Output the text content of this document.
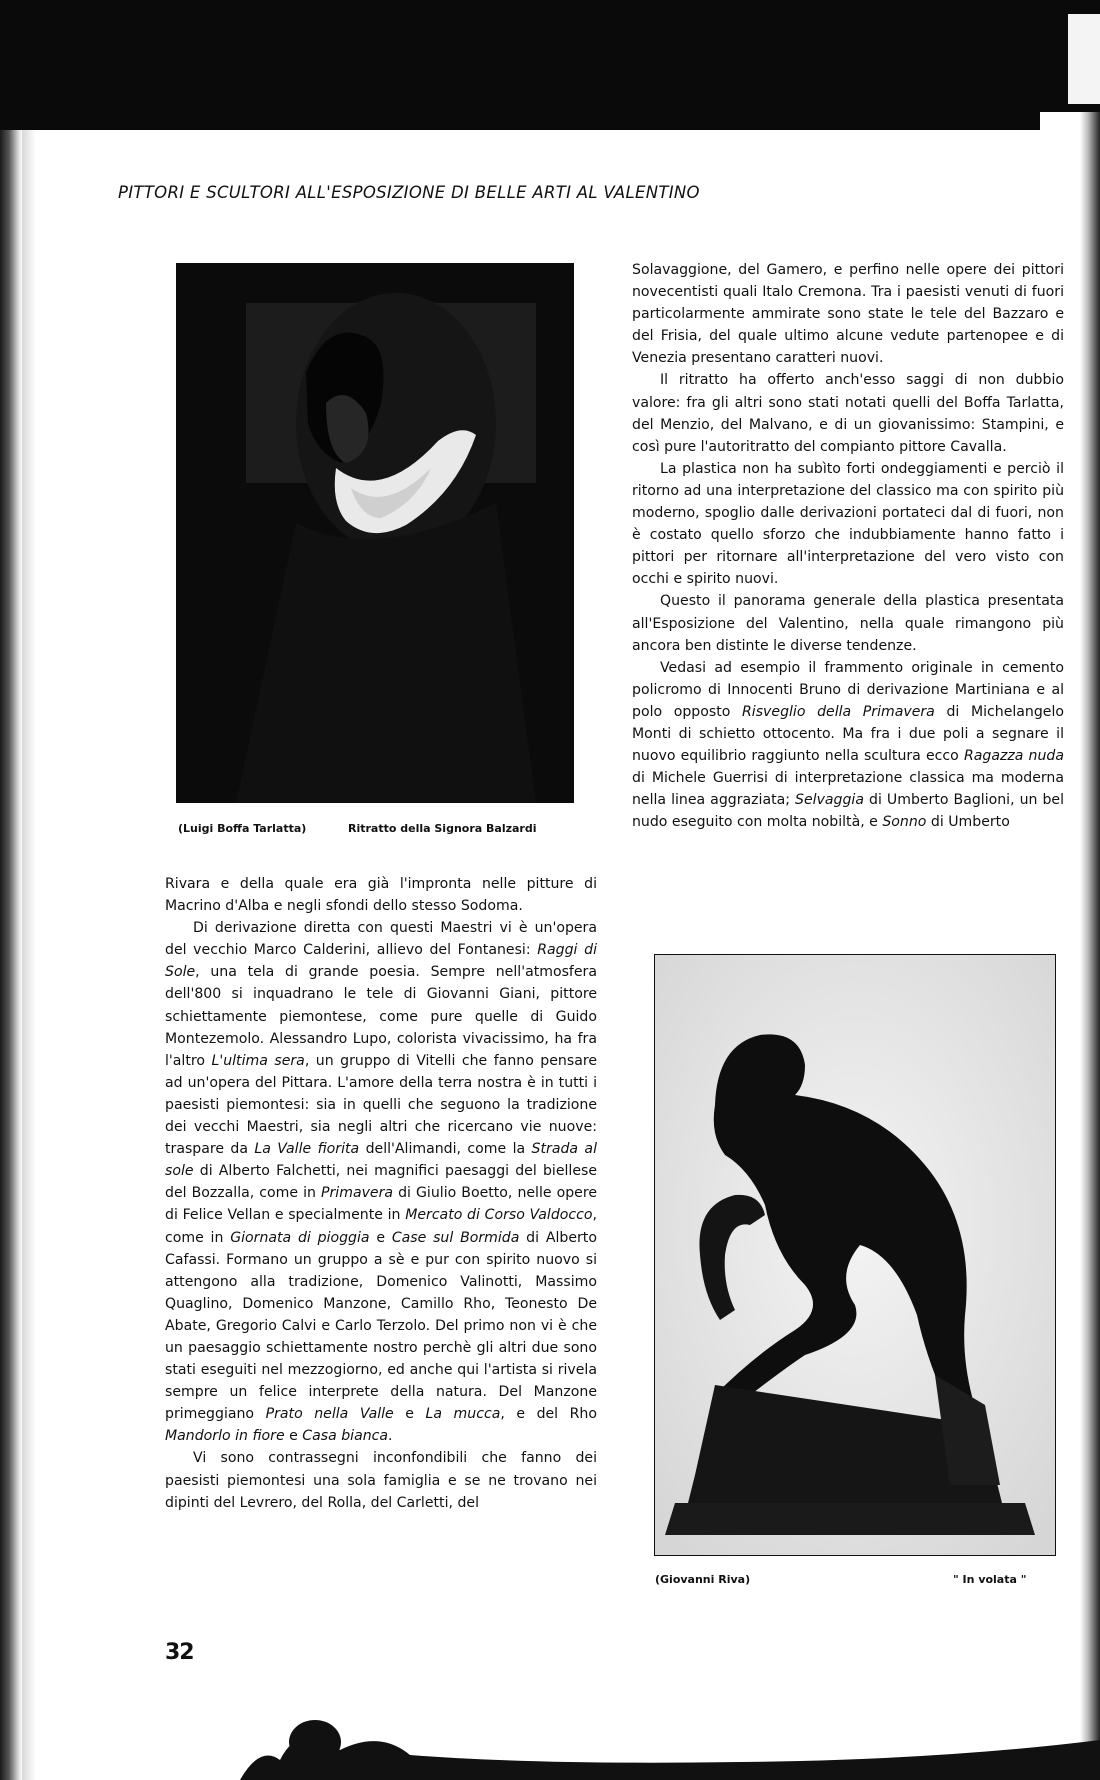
PITTORI E SCULTORI ALL'ESPOSIZIONE DI BELLE ARTI AL VALENTINO
(Luigi Boffa Tarlatta)	Ritratto della Signora Balzardi

Rivara e della quale era già l'impronta nelle pitture di Macrino d'Alba e negli sfondi dello stesso Sodoma.

Di derivazione diretta con questi Maestri vi è un'opera del vecchio Marco Calderini, allievo del Fontanesi: Raggi di Sole, una tela di grande poesia. Sempre nell'atmosfera dell'800 si inquadrano le tele di Giovanni Giani, pittore schiettamente piemontese, come pure quelle di Guido Montezemolo. Alessandro Lupo, colorista vivacissimo, ha fra l'altro L'ultima sera, un gruppo di Vitelli che fanno pensare ad un'opera del Pittara. L'amore della terra nostra è in tutti i paesisti piemontesi: sia in quelli che seguono la tradizione dei vecchi Maestri, sia negli altri che ricercano vie nuove: traspare da La Valle fiorita dell'Alimandi, come la Strada al sole di Alberto Falchetti, nei magnifici paesaggi del biellese del Bozzalla, come in Primavera di Giulio Boetto, nelle opere di Felice Vellan e specialmente in Mercato di Corso Valdocco, come in Giornata di pioggia e Case sul Bormida di Alberto Cafassi. Formano un gruppo a sè e pur con spirito nuovo si attengono alla tradizione, Domenico Valinotti, Massimo Quaglino, Domenico Manzone, Camillo Rho, Teonesto De Abate, Gregorio Calvi e Carlo Terzolo. Del primo non vi è che un paesaggio schiettamente nostro perchè gli altri due sono stati eseguiti nel mezzogiorno, ed anche qui l'artista si rivela sempre un felice interprete della natura. Del Manzone primeggiano Prato nella Valle e La mucca, e del Rho Mandorlo in fiore e Casa bianca.

Vi sono contrassegni inconfondibili che fanno dei paesisti piemontesi una sola famiglia e se ne trovano nei dipinti del Levrero, del Rolla, del Carletti, del

Solavaggione, del Gamero, e perfino nelle opere dei pittori novecentisti quali Italo Cremona. Tra i paesisti venuti di fuori particolarmente ammirate sono state le tele del Bazzaro e del Frisia, del quale ultimo alcune vedute partenopee e di Venezia presentano caratteri nuovi.

Il ritratto ha offerto anch'esso saggi di non dubbio valore: fra gli altri sono stati notati quelli del Boffa Tarlatta, del Menzio, del Malvano, e di un giovanissimo: Stampini, e così pure l'autoritratto del compianto pittore Cavalla.

La plastica non ha subìto forti ondeggiamenti e perciò il ritorno ad una interpretazione del classico ma con spirito più moderno, spoglio dalle derivazioni portateci dal di fuori, non è costato quello sforzo che indubbiamente hanno fatto i pittori per ritornare all'interpretazione del vero visto con occhi e spirito nuovi.

Questo il panorama generale della plastica presentata all'Esposizione del Valentino, nella quale rimangono più ancora ben distinte le diverse tendenze.

Vedasi ad esempio il frammento originale in cemento policromo di Innocenti Bruno di derivazione Martiniana e al polo opposto Risveglio della Primavera di Michelangelo Monti di schietto ottocento. Ma fra i due poli a segnare il nuovo equilibrio raggiunto nella scultura ecco Ragazza nuda di Michele Guerrisi di interpretazione classica ma moderna nella linea aggraziata; Selvaggia di Umberto Baglioni, un bel nudo eseguito con molta nobiltà, e Sonno di Umberto

(Giovanni Riva)	" In volata "
32
